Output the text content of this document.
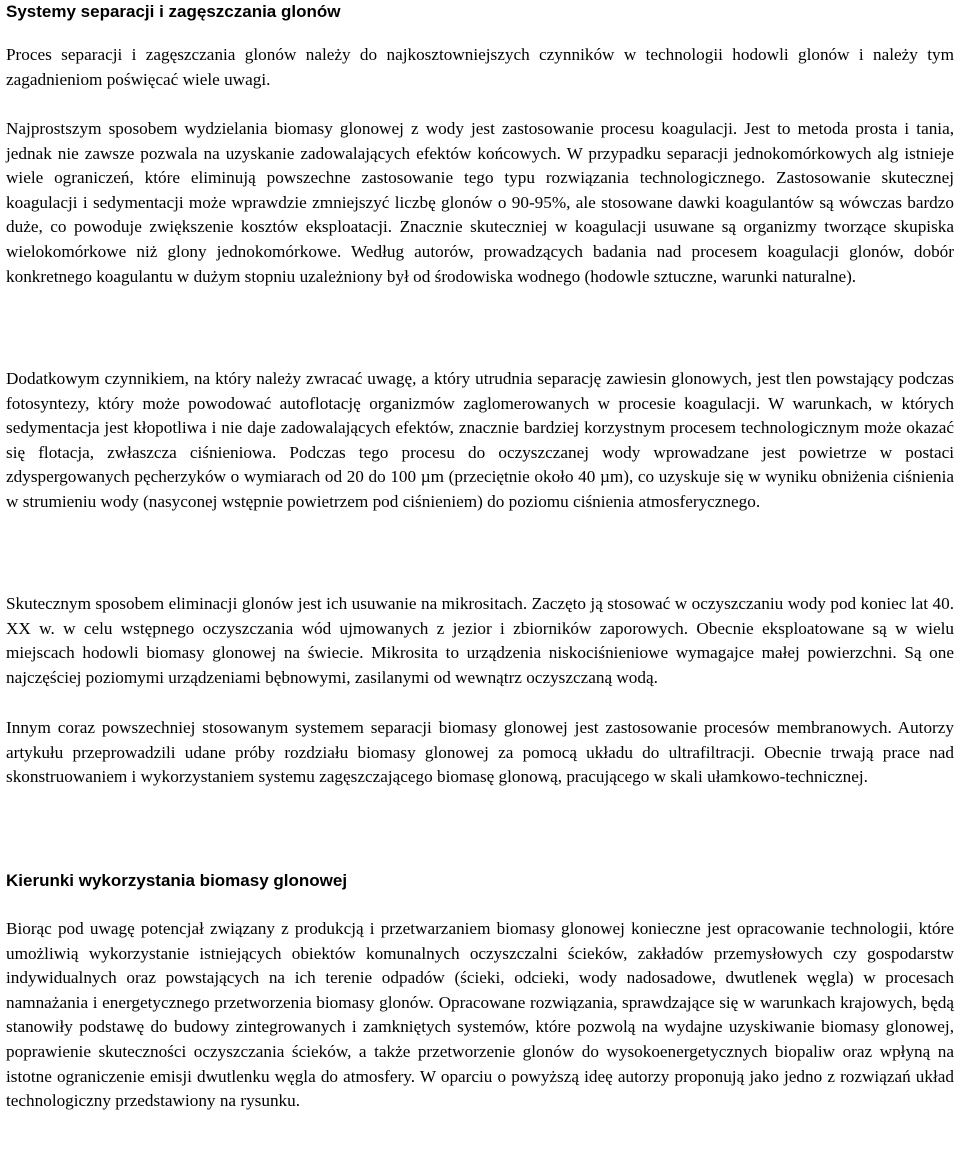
Systemy separacji i zagęszczania glonów

Proces separacji i zagęszczania glonów należy do najkosztowniejszych czynników w technologii hodowli glonów i należy tym zagadnieniom poświęcać wiele uwagi.

Najprostszym sposobem wydzielania biomasy glonowej z wody jest zastosowanie procesu koagulacji. Jest to metoda prosta i tania, jednak nie zawsze pozwala na uzyskanie zadowalających efektów końcowych. W przypadku separacji jednokomórkowych alg istnieje wiele ograniczeń, które eliminują powszechne zastosowanie tego typu rozwiązania technologicznego. Zastosowanie skutecznej koagulacji i sedymentacji może wprawdzie zmniejszyć liczbę glonów o 90-95%, ale stosowane dawki koagulantów są wówczas bardzo duże, co powoduje zwiększenie kosztów eksploatacji. Znacznie skuteczniej w koagulacji usuwane są organizmy tworzące skupiska wielokomórkowe niż glony jednokomórkowe. Według autorów, prowadzących badania nad procesem koagulacji glonów, dobór konkretnego koagulantu w dużym stopniu uzależniony był od środowiska wodnego (hodowle sztuczne, warunki naturalne).

Dodatkowym czynnikiem, na który należy zwracać uwagę, a który utrudnia separację zawiesin glonowych, jest tlen powstający podczas fotosyntezy, który może powodować autoflotację organizmów zaglomerowanych w procesie koagulacji. W warunkach, w których sedymentacja jest kłopotliwa i nie daje zadowalających efektów, znacznie bardziej korzystnym procesem technologicznym może okazać się flotacja, zwłaszcza ciśnieniowa. Podczas tego procesu do oczyszczanej wody wprowadzane jest powietrze w postaci zdyspergowanych pęcherzyków o wymiarach od 20 do 100 µm (przeciętnie około 40 µm), co uzyskuje się w wyniku obniżenia ciśnienia w strumieniu wody (nasyconej wstępnie powietrzem pod ciśnieniem) do poziomu ciśnienia atmosferycznego.

Skutecznym sposobem eliminacji glonów jest ich usuwanie na mikrositach. Zaczęto ją stosować w oczyszczaniu wody pod koniec lat 40. XX w. w celu wstępnego oczyszczania wód ujmowanych z jezior i zbiorników zaporowych. Obecnie eksploatowane są w wielu miejscach hodowli biomasy glonowej na świecie. Mikrosita to urządzenia niskociśnieniowe wymagajce małej powierzchni. Są one najczęściej poziomymi urządzeniami bębnowymi, zasilanymi od wewnątrz oczyszczaną wodą.

Innym coraz powszechniej stosowanym systemem separacji biomasy glonowej jest zastosowanie procesów membranowych. Autorzy artykułu przeprowadzili udane próby rozdziału biomasy glonowej za pomocą układu do ultrafiltracji. Obecnie trwają prace nad skonstruowaniem i wykorzystaniem systemu zagęszczającego biomasę glonową, pracującego w skali ułamkowo-technicznej.

Kierunki wykorzystania biomasy glonowej

Biorąc pod uwagę potencjał związany z produkcją i przetwarzaniem biomasy glonowej konieczne jest opracowanie technologii, które umożliwią wykorzystanie istniejących obiektów komunalnych oczyszczalni ścieków, zakładów przemysłowych czy gospodarstw indywidualnych oraz powstających na ich terenie odpadów (ścieki, odcieki, wody nadosadowe, dwutlenek węgla) w procesach namnażania i energetycznego przetworzenia biomasy glonów. Opracowane rozwiązania, sprawdzające się w warunkach krajowych, będą stanowiły podstawę do budowy zintegrowanych i zamkniętych systemów, które pozwolą na wydajne uzyskiwanie biomasy glonowej, poprawienie skuteczności oczyszczania ścieków, a także przetworzenie glonów do wysokoenergetycznych biopaliw oraz wpłyną na istotne ograniczenie emisji dwutlenku węgla do atmosfery. W oparciu o powyższą ideę autorzy proponują jako jedno z rozwiązań układ technologiczny przedstawiony na rysunku.
